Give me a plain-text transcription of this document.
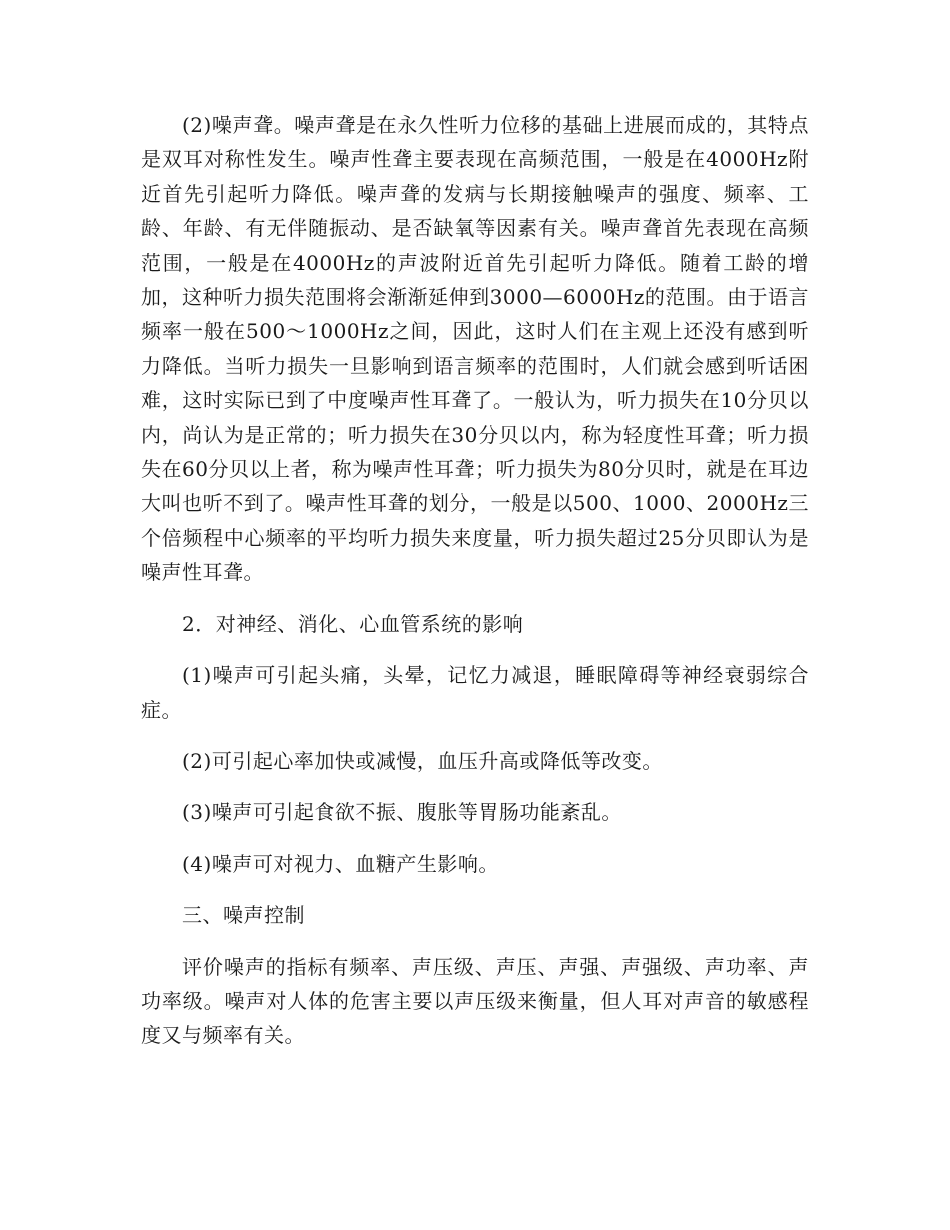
(2)噪声聋。噪声聋是在永久性听力位移的基础上进展而成的，其特点是双耳对称性发生。噪声性聋主要表现在高频范围，一般是在4000Hz附近首先引起听力降低。噪声聋的发病与长期接触噪声的强度、频率、工龄、年龄、有无伴随振动、是否缺氧等因素有关。噪声聋首先表现在高频范围，一般是在4000Hz的声波附近首先引起听力降低。随着工龄的增加，这种听力损失范围将会渐渐延伸到3000—6000Hz的范围。由于语言频率一般在500～1000Hz之间，因此，这时人们在主观上还没有感到听力降低。当听力损失一旦影响到语言频率的范围时，人们就会感到听话困难，这时实际已到了中度噪声性耳聋了。一般认为，听力损失在10分贝以内，尚认为是正常的；听力损失在30分贝以内，称为轻度性耳聋；听力损失在60分贝以上者，称为噪声性耳聋；听力损失为80分贝时，就是在耳边大叫也听不到了。噪声性耳聋的划分，一般是以500、1000、2000Hz三个倍频程中心频率的平均听力损失来度量，听力损失超过25分贝即认为是噪声性耳聋。

2．对神经、消化、心血管系统的影响

(1)噪声可引起头痛，头晕，记忆力减退，睡眠障碍等神经衰弱综合症。

(2)可引起心率加快或减慢，血压升高或降低等改变。

(3)噪声可引起食欲不振、腹胀等胃肠功能紊乱。

(4)噪声可对视力、血糖产生影响。

三、噪声控制

评价噪声的指标有频率、声压级、声压、声强、声强级、声功率、声功率级。噪声对人体的危害主要以声压级来衡量，但人耳对声音的敏感程度又与频率有关。
